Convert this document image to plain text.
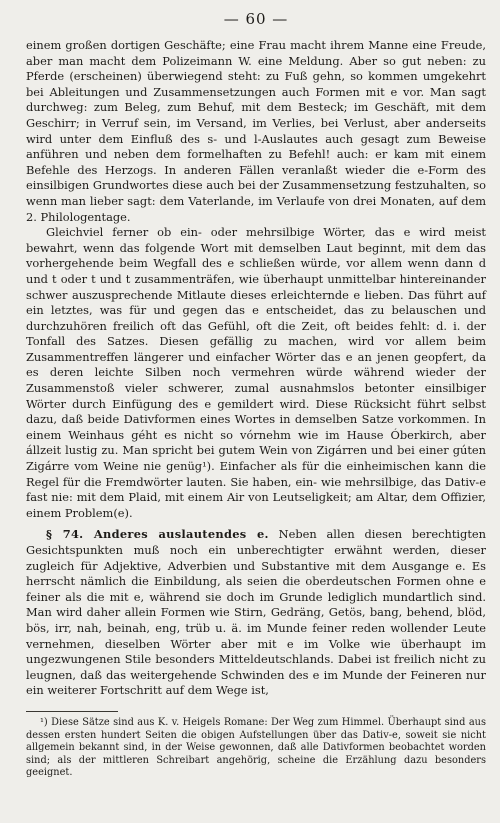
— 60 —

einem großen dortigen Geschäfte; eine Frau macht ihrem Manne eine Freude, aber man macht dem Polizeimann W. eine Meldung. Aber so gut neben: zu Pferde (erscheinen) überwiegend steht: zu Fuß gehn, so kommen umgekehrt bei Ableitungen und Zusammensetzungen auch Formen mit e vor. Man sagt durchweg: zum Beleg, zum Behuf, mit dem Besteck; im Geschäft, mit dem Geschirr; in Verruf sein, im Versand, im Verlies, bei Verlust, aber anderseits wird unter dem Einfluß des s- und l-Auslautes auch gesagt zum Beweise anführen und neben dem formelhaften zu Befehl! auch: er kam mit einem Befehle des Herzogs. In anderen Fällen veranlaßt wieder die e-Form des einsilbigen Grundwortes diese auch bei der Zusammensetzung festzuhalten, so wenn man lieber sagt: dem Vaterlande, im Verlaufe von drei Monaten, auf dem 2. Philologentage.

Gleichviel ferner ob ein- oder mehrsilbige Wörter, das e wird meist bewahrt, wenn das folgende Wort mit demselben Laut beginnt, mit dem das vorhergehende beim Wegfall des e schließen würde, vor allem wenn dann d und t oder t und t zusammenträfen, wie überhaupt unmittelbar hintereinander schwer auszusprechende Mitlaute dieses erleichternde e lieben. Das führt auf ein letztes, was für und gegen das e entscheidet, das zu belauschen und durchzuhören freilich oft das Gefühl, oft die Zeit, oft beides fehlt: d. i. der Tonfall des Satzes. Diesen gefällig zu machen, wird vor allem beim Zusammentreffen längerer und einfacher Wörter das e an jenen geopfert, da es deren leichte Silben noch vermehren würde während wieder der Zusammenstoß vieler schwerer, zumal ausnahmslos betonter einsilbiger Wörter durch Einfügung des e gemildert wird. Diese Rücksicht führt selbst dazu, daß beide Dativformen eines Wortes in demselben Satze vorkommen. In einem Weinhaus géht es nicht so vórnehm wie im Hause Óberkirch, aber állzeit lustig zu. Man spricht bei gutem Wein von Zigárren und bei einer gúten Zigárre vom Weine nie genüg¹). Einfacher als für die einheimischen kann die Regel für die Fremdwörter lauten. Sie haben, ein- wie mehrsilbige, das Dativ-e fast nie: mit dem Plaid, mit einem Air von Leutseligkeit; am Altar, dem Offizier, einem Problem(e).

§ 74. Anderes auslautendes e. Neben allen diesen berechtigten Gesichtspunkten muß noch ein unberechtigter erwähnt werden, dieser zugleich für Adjektive, Adverbien und Substantive mit dem Ausgange e. Es herrscht nämlich die Einbildung, als seien die oberdeutschen Formen ohne e feiner als die mit e, während sie doch im Grunde lediglich mundartlich sind. Man wird daher allein Formen wie Stirn, Gedräng, Getös, bang, behend, blöd, bös, irr, nah, beinah, eng, trüb u. ä. im Munde feiner reden wollender Leute vernehmen, dieselben Wörter aber mit e im Volke wie überhaupt im ungezwungenen Stile besonders Mitteldeutschlands. Dabei ist freilich nicht zu leugnen, daß das weitergehende Schwinden des e im Munde der Feineren nur ein weiterer Fortschritt auf dem Wege ist,

¹) Diese Sätze sind aus K. v. Heigels Romane: Der Weg zum Himmel. Überhaupt sind aus dessen ersten hundert Seiten die obigen Aufstellungen über das Dativ-e, soweit sie nicht allgemein bekannt sind, in der Weise gewonnen, daß alle Dativformen beobachtet worden sind; als der mittleren Schreibart angehörig, scheine die Erzählung dazu besonders geeignet.
